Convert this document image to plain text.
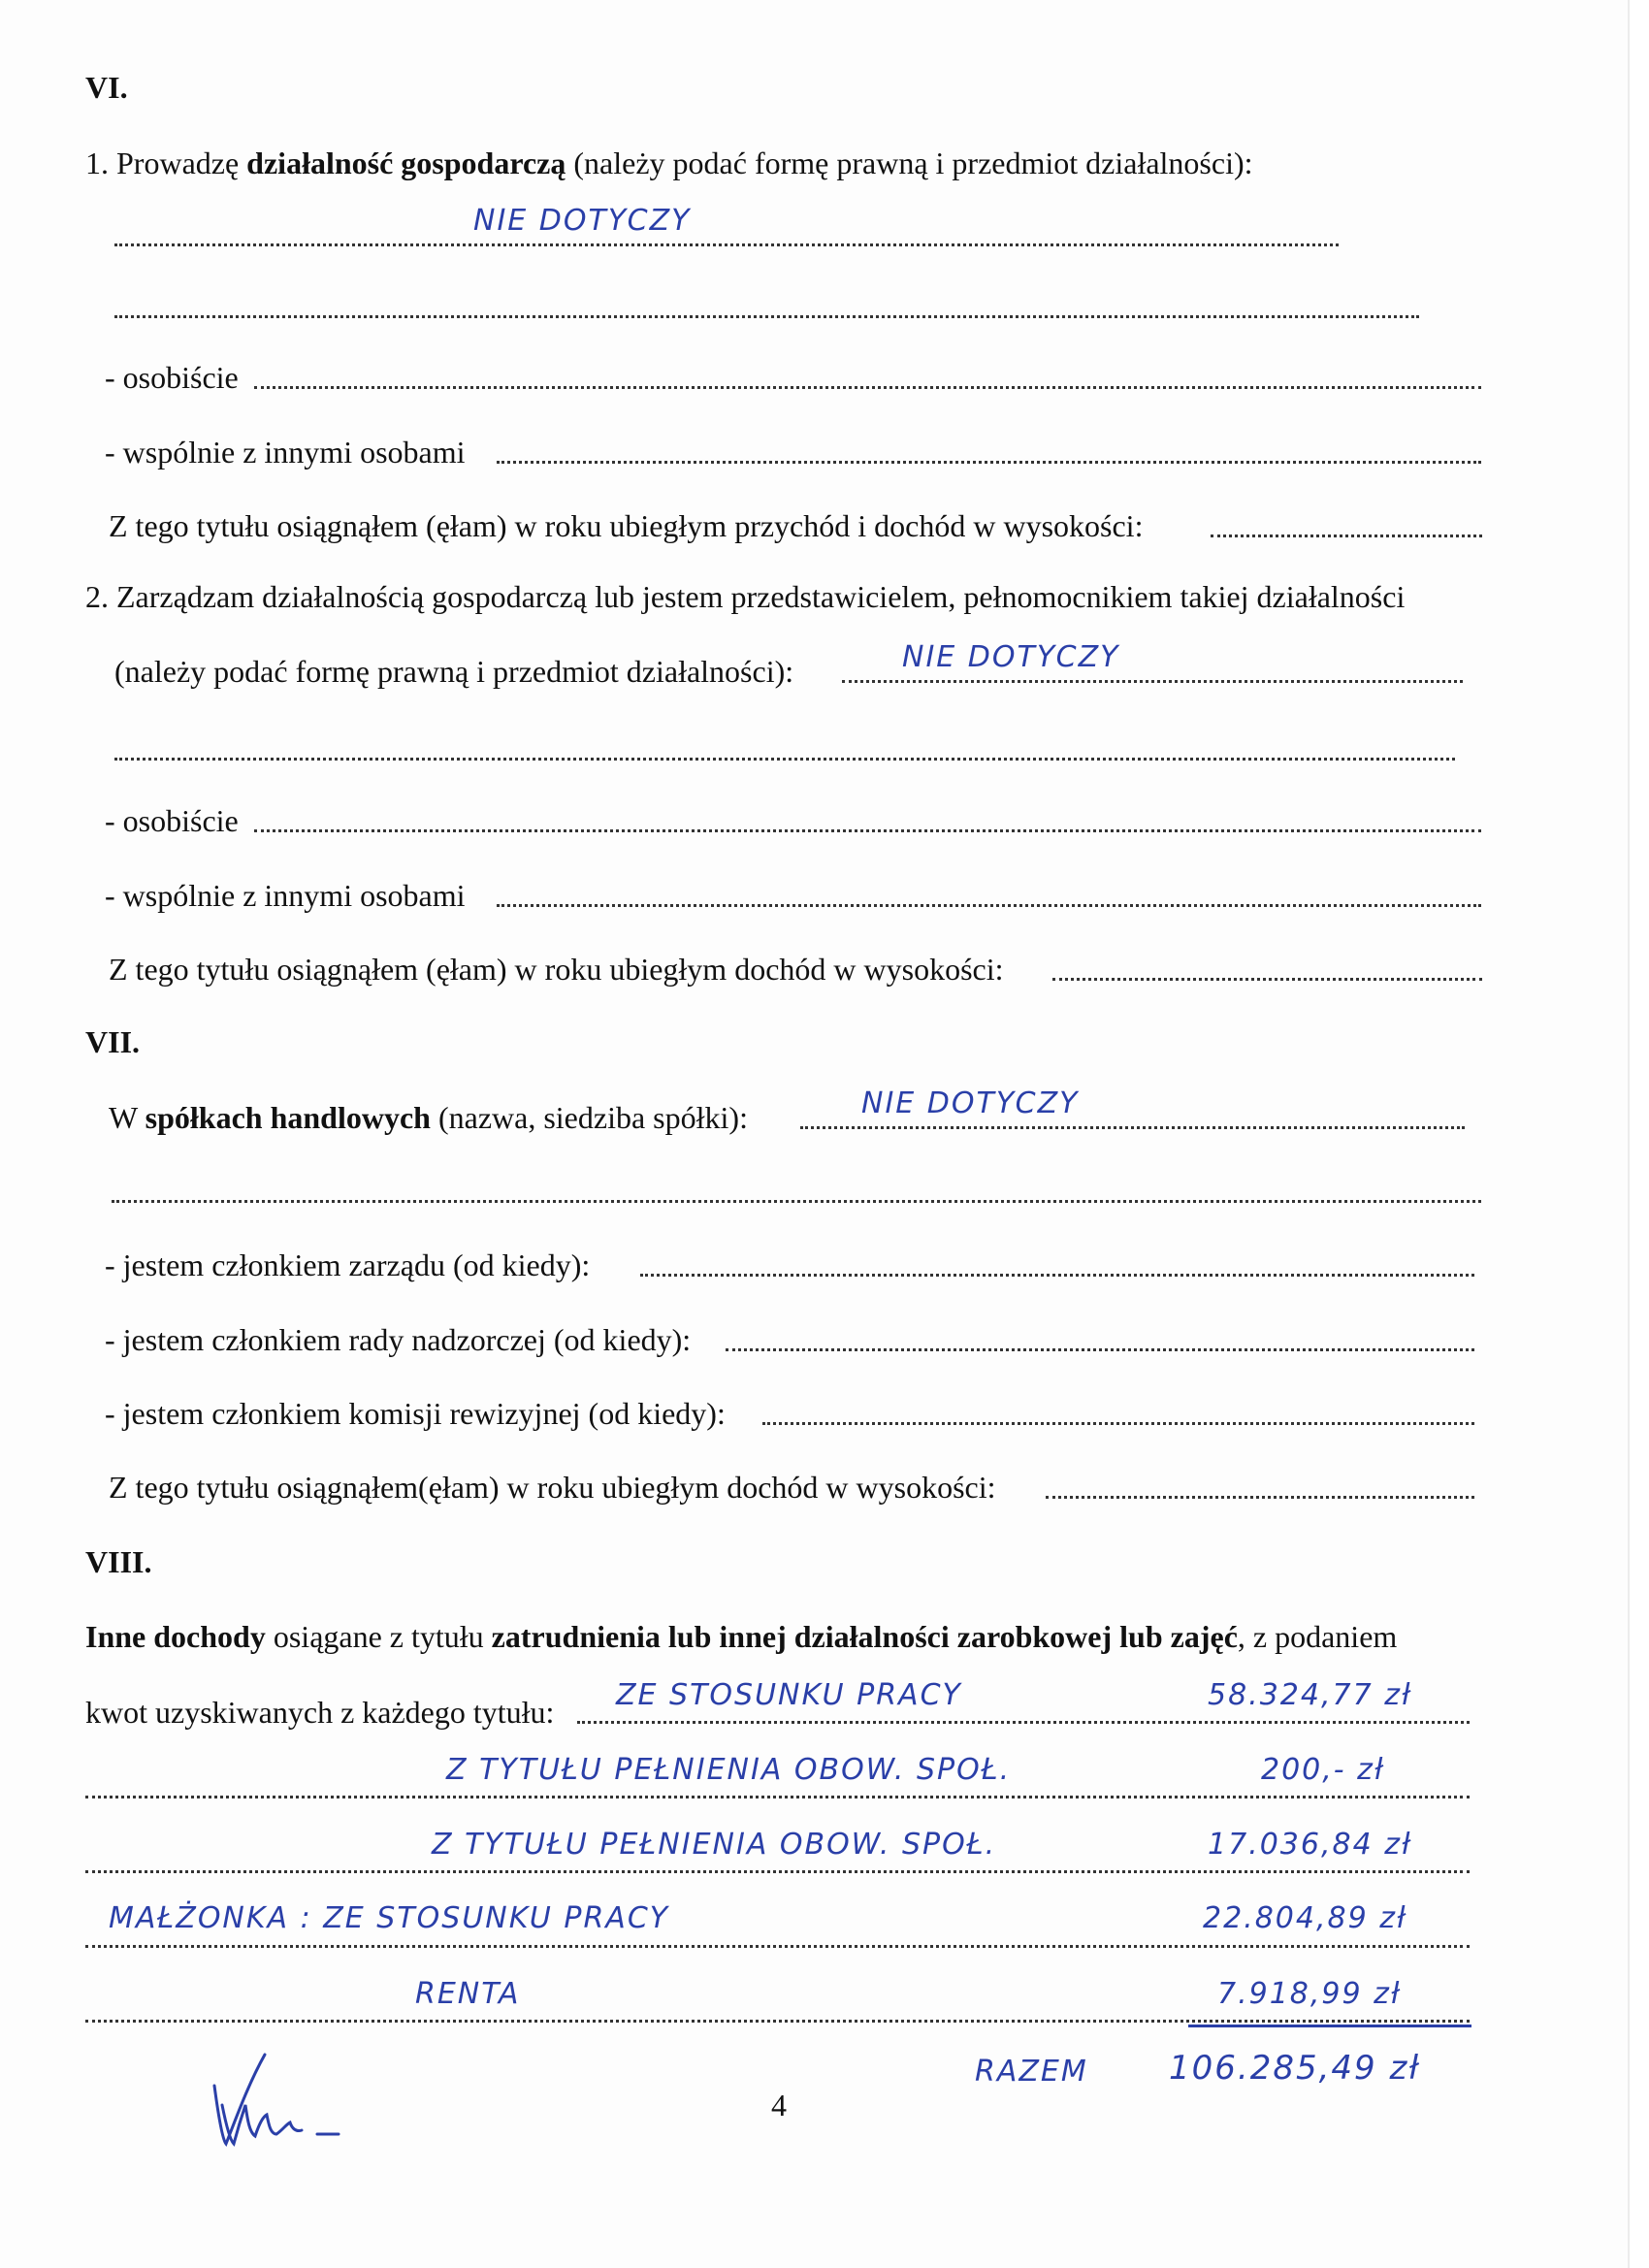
VI.
1. Prowadzę działalność gospodarczą (należy podać formę prawną i przedmiot działalności):
NIE DOTYCZY
- osobiście
- wspólnie z innymi osobami
Z tego tytułu osiągnąłem (ęłam) w roku ubiegłym przychód i dochód w wysokości:
2. Zarządzam działalnością gospodarczą lub jestem przedstawicielem, pełnomocnikiem takiej działalności
(należy podać formę prawną i przedmiot działalności):	NIE DOTYCZY
- osobiście
- wspólnie z innymi osobami
Z tego tytułu osiągnąłem (ęłam) w roku ubiegłym dochód w wysokości:
VII.
W spółkach handlowych (nazwa, siedziba spółki):	NIE DOTYCZY
- jestem członkiem zarządu (od kiedy):
- jestem członkiem rady nadzorczej (od kiedy):
- jestem członkiem komisji rewizyjnej (od kiedy):
Z tego tytułu osiągnąłem(ęłam) w roku ubiegłym dochód w wysokości:
VIII.
Inne dochody osiągane z tytułu zatrudnienia lub innej działalności zarobkowej lub zajęć, z podaniem
kwot uzyskiwanych z każdego tytułu: ZE STOSUNKU PRACY	58.324,77 zł
Z TYTUŁU PEŁNIENIA OBOW. SPOŁ.	200,- zł
Z TYTUŁU PEŁNIENIA OBOW. SPOŁ.	17.036,84 zł
MAŁŻONKA : ZE STOSUNKU PRACY	22.804,89 zł
RENTA	7.918,99 zł
RAZEM 106.285,49 zł
4
